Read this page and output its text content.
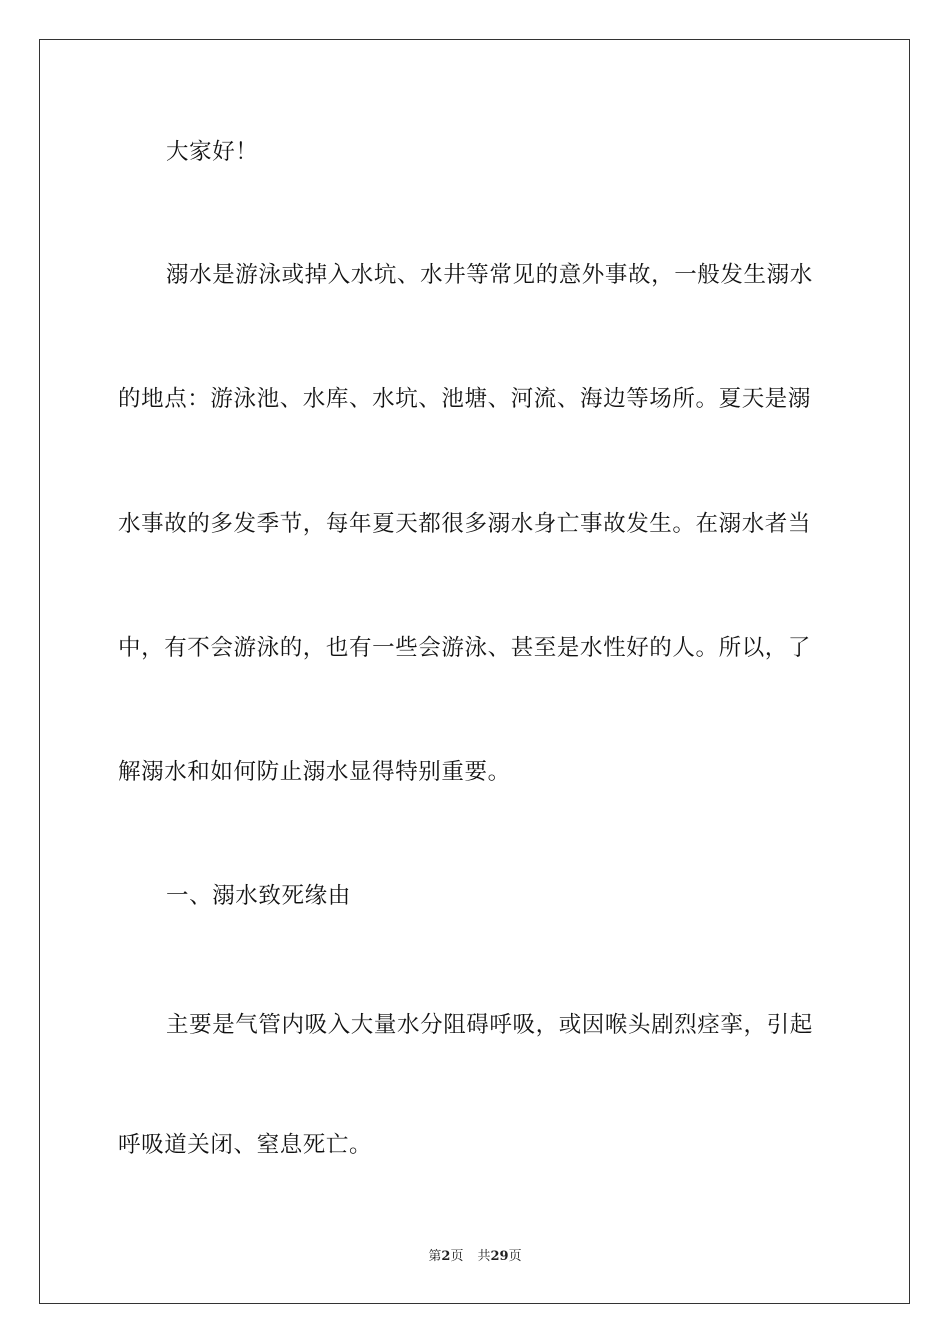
大家好！
溺水是游泳或掉入水坑、水井等常见的意外事故，一般发生溺水
的地点：游泳池、水库、水坑、池塘、河流、海边等场所。夏天是溺
水事故的多发季节，每年夏天都很多溺水身亡事故发生。在溺水者当
中，有不会游泳的，也有一些会游泳、甚至是水性好的人。所以，了
解溺水和如何防止溺水显得特别重要。
一、溺水致死缘由
主要是气管内吸入大量水分阻碍呼吸，或因喉头剧烈痉挛，引起
呼吸道关闭、窒息死亡。
第2页 共29页
